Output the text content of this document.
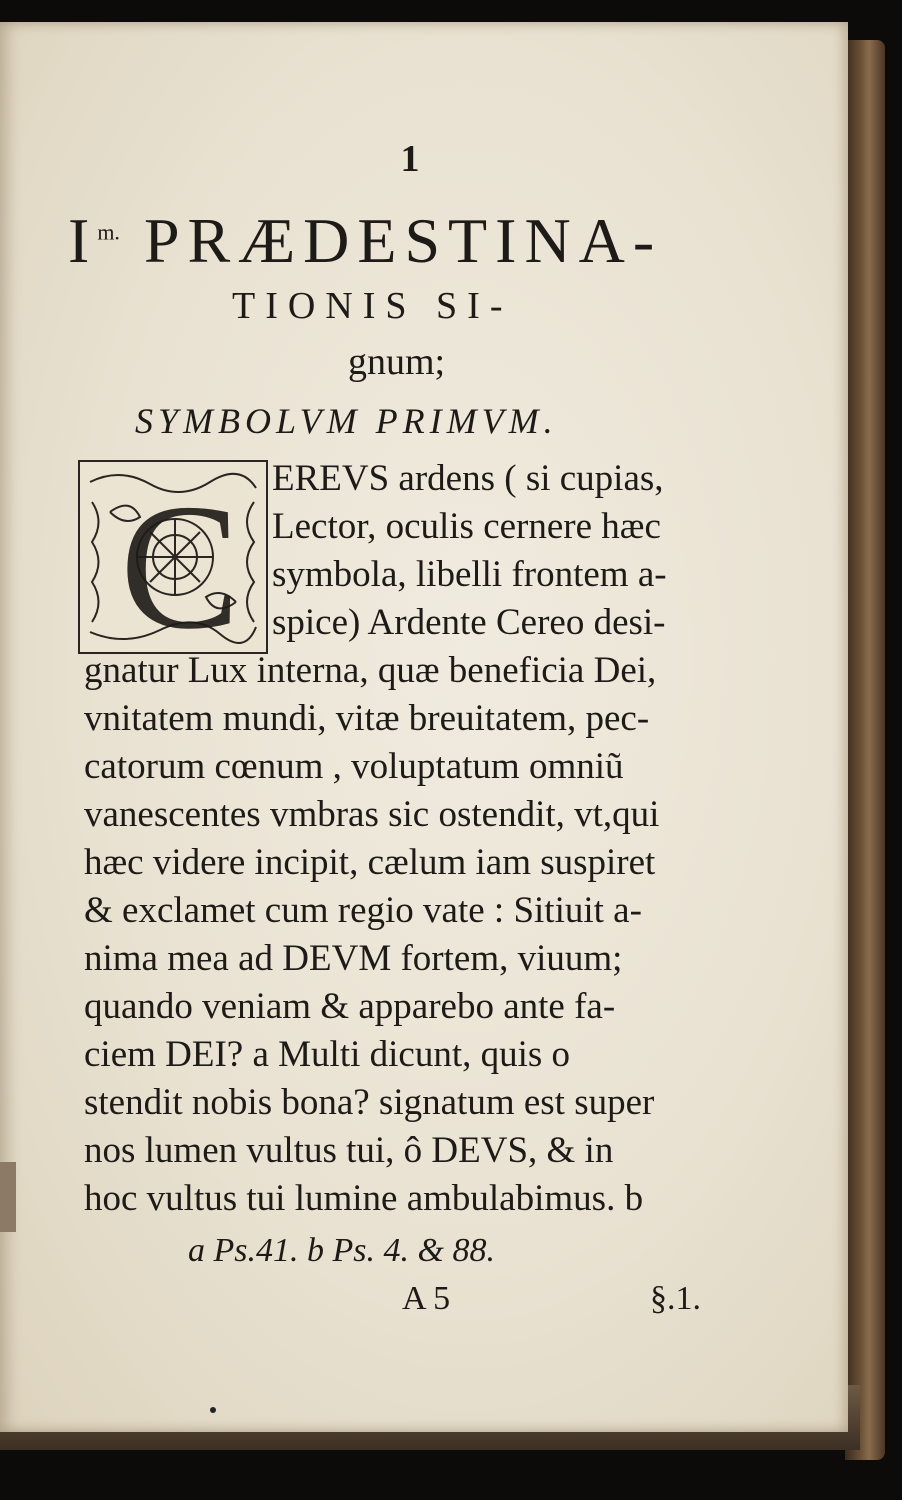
1
$I^{m.}$ PRÆDESTINA-
TIONIS SI-
gnum;
SYMBOLVM PRIMVM.
C EREVS ardens ( si cupias,
Lector, oculis cernere hæc
symbola, libelli frontem a-
spice) Ardente Cereo desi-
gnatur Lux interna, quæ beneficia Dei,
vnitatem mundi, vitæ breuitatem, pec-
catorum cœnum , voluptatum omniũ
vanescentes vmbras sic ostendit, vt,qui
hæc videre incipit, cælum iam suspiret
& exclamet cum regio vate : Sitiuit a-
nima mea ad DEVM fortem, viuum;
quando veniam & apparebo ante fa-
ciem DEI? a Multi dicunt, quis o
stendit nobis bona? signatum est super
nos lumen vultus tui, ô DEVS, & in
hoc vultus tui lumine ambulabimus. b
a Ps.41. b Ps. 4. & 88.
A 5	§.1.
